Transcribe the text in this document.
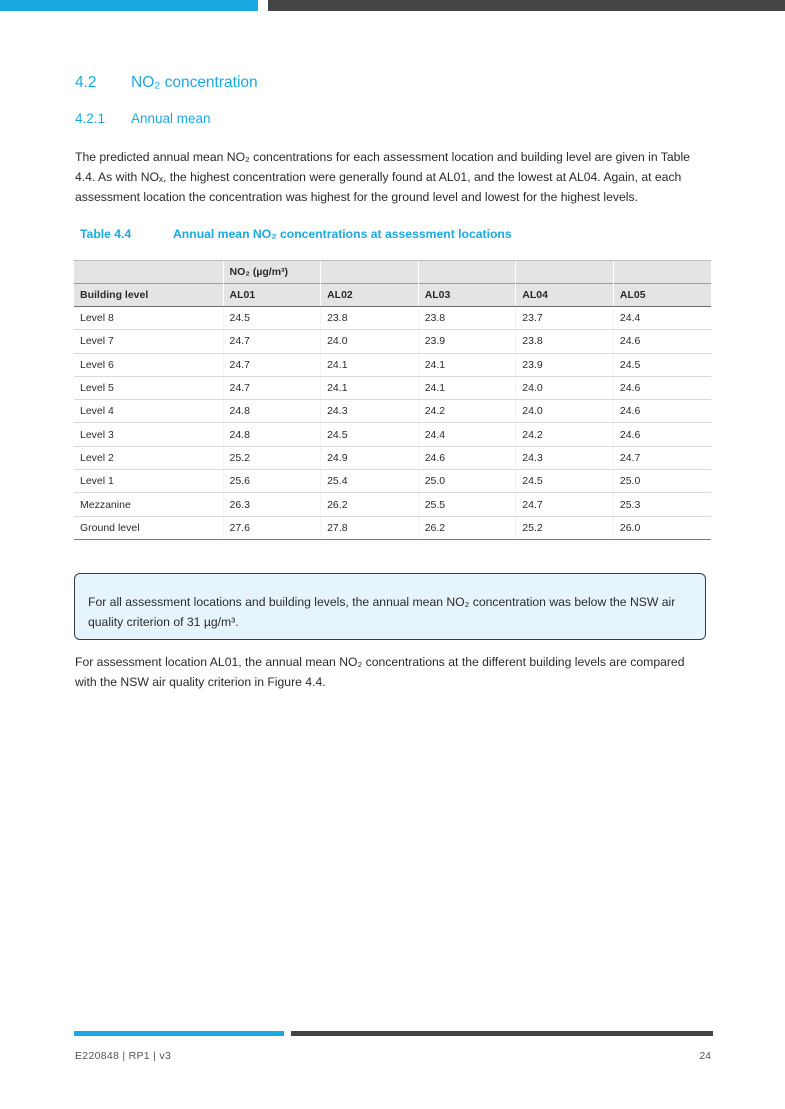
4.2 NO₂ concentration
4.2.1 Annual mean

The predicted annual mean NO₂ concentrations for each assessment location and building level are given in Table 4.4. As with NOₓ, the highest concentration were generally found at AL01, and the lowest at AL04. Again, at each assessment location the concentration was highest for the ground level and lowest for the highest levels.

Table 4.4	Annual mean NO₂ concentrations at assessment locations
	NO₂ (µg/m³)				
Building level	AL01	AL02	AL03	AL04	AL05
Level 8	24.5	23.8	23.8	23.7	24.4
Level 7	24.7	24.0	23.9	23.8	24.6
Level 6	24.7	24.1	24.1	23.9	24.5
Level 5	24.7	24.1	24.1	24.0	24.6
Level 4	24.8	24.3	24.2	24.0	24.6
Level 3	24.8	24.5	24.4	24.2	24.6
Level 2	25.2	24.9	24.6	24.3	24.7
Level 1	25.6	25.4	25.0	24.5	25.0
Mezzanine	26.3	26.2	25.5	24.7	25.3
Ground level	27.6	27.8	26.2	25.2	26.0
For all assessment locations and building levels, the annual mean NO₂ concentration was below the NSW air quality criterion of 31 µg/m³.

For assessment location AL01, the annual mean NO₂ concentrations at the different building levels are compared with the NSW air quality criterion in Figure 4.4.

E220848 | RP1 | v3	24
